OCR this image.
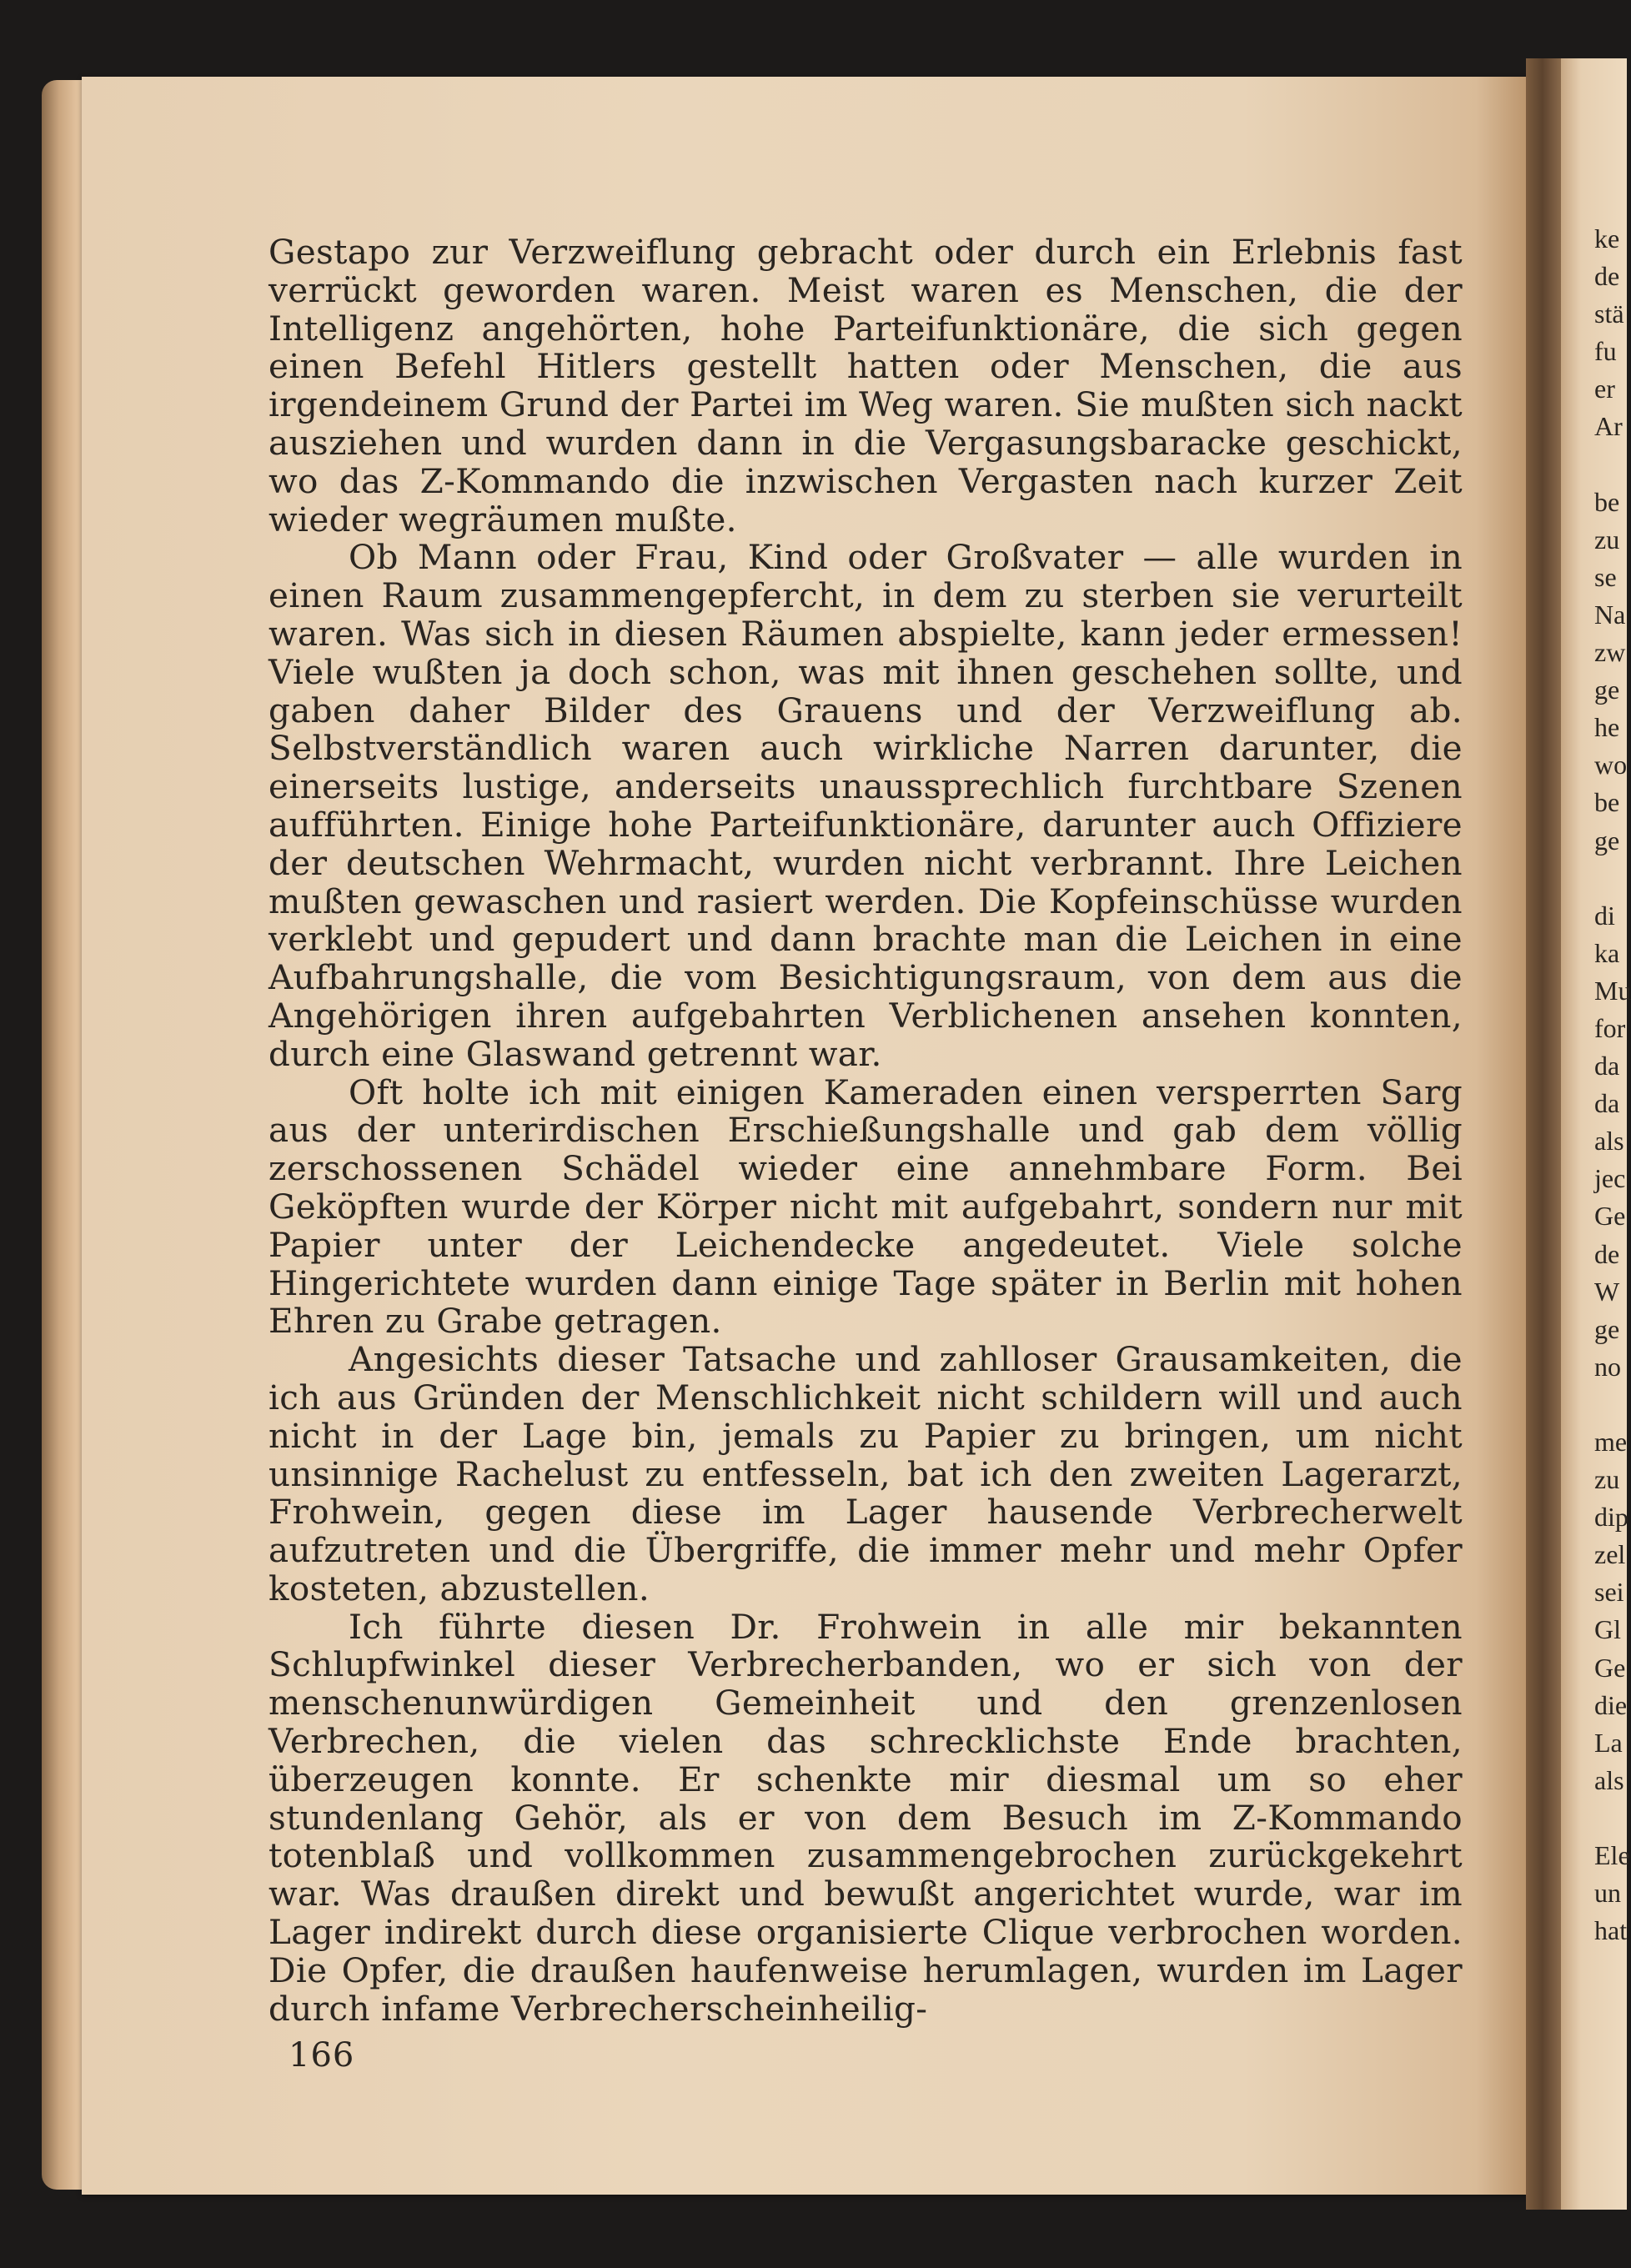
ke
de
stä
fu
er
Ar
be
zu
se
Na
zw
ge
he
wo
be
ge
di
ka
Mu
for
da
da
als
jec
Ge
de
W
ge
no
me
zu
dip
zel
sei
Gl
Ge
die
La
als
Ele
un
hat

Gestapo zur Verzweiflung gebracht oder durch ein Erlebnis fast verrückt geworden waren. Meist waren es Menschen, die der Intelligenz angehörten, hohe Parteifunktionäre, die sich gegen einen Befehl Hitlers gestellt hatten oder Menschen, die aus irgendeinem Grund der Partei im Weg waren. Sie mußten sich nackt ausziehen und wurden dann in die Vergasungsbaracke geschickt, wo das Z-Kommando die inzwischen Vergasten nach kurzer Zeit wieder wegräumen mußte.

Ob Mann oder Frau, Kind oder Großvater — alle wurden in einen Raum zusammengepfercht, in dem zu sterben sie verurteilt waren. Was sich in diesen Räumen abspielte, kann jeder ermessen! Viele wußten ja doch schon, was mit ihnen geschehen sollte, und gaben daher Bilder des Grauens und der Verzweiflung ab. Selbstverständlich waren auch wirkliche Narren darunter, die einerseits lustige, anderseits unaussprechlich furchtbare Szenen aufführten. Einige hohe Parteifunktionäre, darunter auch Offiziere der deutschen Wehrmacht, wurden nicht verbrannt. Ihre Leichen mußten gewaschen und rasiert werden. Die Kopfeinschüsse wurden verklebt und gepudert und dann brachte man die Leichen in eine Aufbahrungshalle, die vom Besichtigungsraum, von dem aus die Angehörigen ihren aufgebahrten Verblichenen ansehen konnten, durch eine Glaswand getrennt war.

Oft holte ich mit einigen Kameraden einen versperrten Sarg aus der unterirdischen Erschießungshalle und gab dem völlig zerschossenen Schädel wieder eine annehmbare Form. Bei Geköpften wurde der Körper nicht mit aufgebahrt, sondern nur mit Papier unter der Leichendecke angedeutet. Viele solche Hingerichtete wurden dann einige Tage später in Berlin mit hohen Ehren zu Grabe getragen.

Angesichts dieser Tatsache und zahlloser Grausamkeiten, die ich aus Gründen der Menschlichkeit nicht schildern will und auch nicht in der Lage bin, jemals zu Papier zu bringen, um nicht unsinnige Rachelust zu entfesseln, bat ich den zweiten Lagerarzt, Frohwein, gegen diese im Lager hausende Verbrecherwelt aufzutreten und die Übergriffe, die immer mehr und mehr Opfer kosteten, abzustellen.

Ich führte diesen Dr. Frohwein in alle mir bekannten Schlupfwinkel dieser Verbrecherbanden, wo er sich von der menschenunwürdigen Gemeinheit und den grenzenlosen Verbrechen, die vielen das schrecklichste Ende brachten, überzeugen konnte. Er schenkte mir diesmal um so eher stundenlang Gehör, als er von dem Besuch im Z-Kommando totenblaß und vollkommen zusammengebrochen zurückgekehrt war. Was draußen direkt und bewußt angerichtet wurde, war im Lager indirekt durch diese organisierte Clique verbrochen worden. Die Opfer, die draußen haufenweise herumlagen, wurden im Lager durch infame Verbrecherscheinheilig-

166
